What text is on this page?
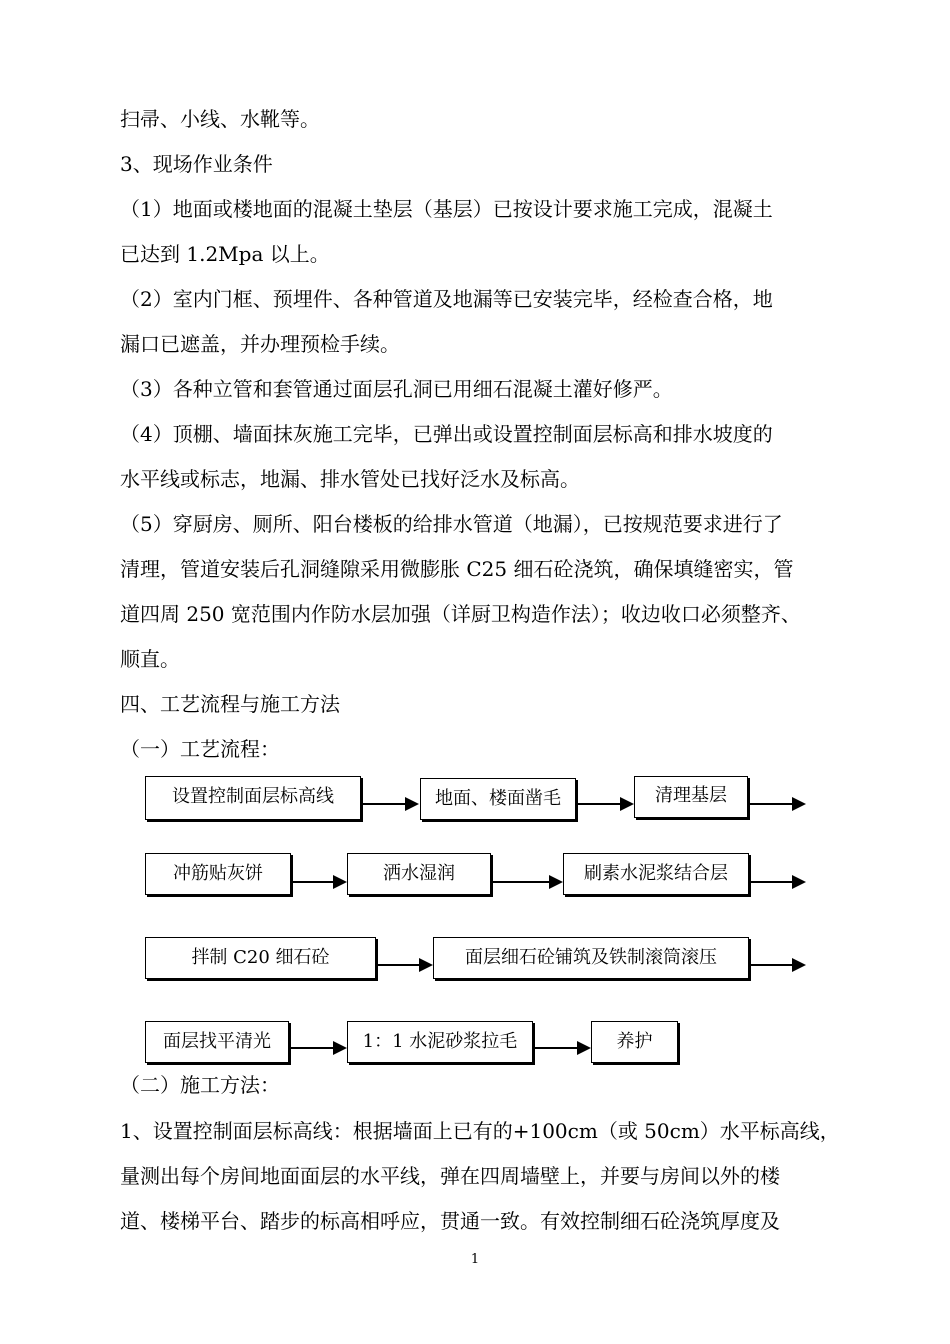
扫帚、小线、水靴等。
3、现场作业条件
（1）地面或楼地面的混凝土垫层（基层）已按设计要求施工完成，混凝土
已达到 1.2Mpa 以上。
（2）室内门框、预埋件、各种管道及地漏等已安装完毕，经检查合格，地
漏口已遮盖，并办理预检手续。
（3）各种立管和套管通过面层孔洞已用细石混凝土灌好修严。
（4）顶棚、墙面抹灰施工完毕，已弹出或设置控制面层标高和排水坡度的
水平线或标志，地漏、排水管处已找好泛水及标高。
（5）穿厨房、厕所、阳台楼板的给排水管道（地漏），已按规范要求进行了
清理，管道安装后孔洞缝隙采用微膨胀 C25 细石砼浇筑，确保填缝密实，管
道四周 250 宽范围内作防水层加强（详厨卫构造作法）；收边收口必须整齐、
顺直。
四、工艺流程与施工方法
（一）工艺流程：
设置控制面层标高线	地面、楼面凿毛	清理基层
冲筋贴灰饼	洒水湿润	刷素水泥浆结合层
拌制 C20 细石砼	面层细石砼铺筑及铁制滚筒滚压
面层找平清光	1：1 水泥砂浆拉毛	养护
（二）施工方法：
1、设置控制面层标高线：根据墙面上已有的+100cm（或 50cm）水平标高线，
量测出每个房间地面面层的水平线，弹在四周墙壁上，并要与房间以外的楼
道、楼梯平台、踏步的标高相呼应，贯通一致。有效控制细石砼浇筑厚度及
1
